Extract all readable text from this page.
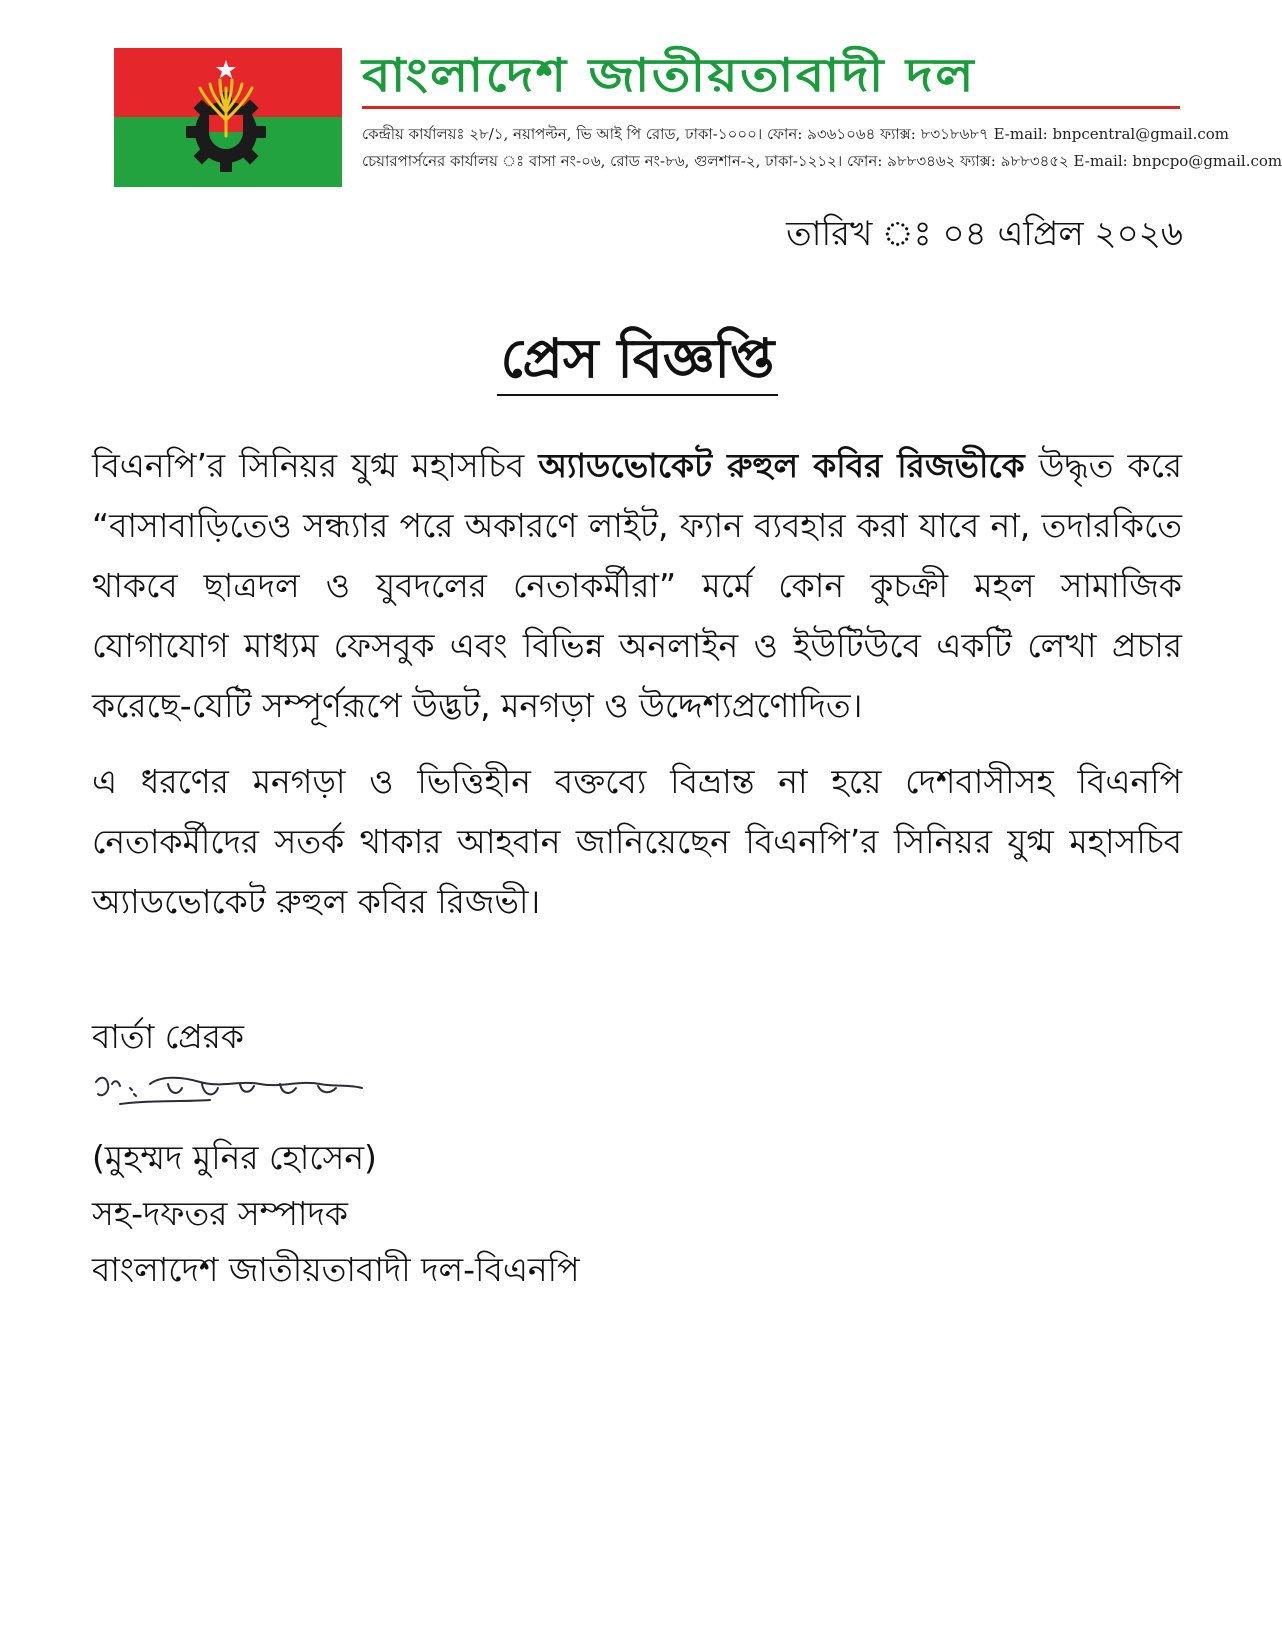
বাংলাদেশ জাতীয়তাবাদী দল
কেন্দ্রীয় কার্যালয়ঃ ২৮/১, নয়াপল্টন, ভি আই পি রোড, ঢাকা-১০০০। ফোন: ৯৩৬১০৬৪ ফ্যাক্স: ৮৩১৮৬৮৭ E-mail: bnpcentral@gmail.com
চেয়ারপার্সনের কার্যালয় ঃ বাসা নং-০৬, রোড নং-৮৬, গুলশান-২, ঢাকা-১২১২। ফোন: ৯৮৮৩৪৬২ ফ্যাক্স: ৯৮৮৩৪৫২ E-mail: bnpcpo@gmail.com
তারিখ ঃ ০৪ এপ্রিল ২০২৬
প্রেস বিজ্ঞপ্তি

বিএনপি’র সিনিয়র যুগ্ম মহাসচিব অ্যাডভোকেট রুহুল কবির রিজভীকে উদ্ধৃত করে “বাসাবাড়িতেও সন্ধ্যার পরে অকারণে লাইট, ফ্যান ব্যবহার করা যাবে না, তদারকিতে থাকবে ছাত্রদল ও যুবদলের নেতাকর্মীরা” মর্মে কোন কুচক্রী মহল সামাজিক যোগাযোগ মাধ্যম ফেসবুক এবং বিভিন্ন অনলাইন ও ইউটিউবে একটি লেখা প্রচার করেছে-যেটি সম্পূর্ণরূপে উদ্ভট, মনগড়া ও উদ্দেশ্যপ্রণোদিত।

এ ধরণের মনগড়া ও ভিত্তিহীন বক্তব্যে বিভ্রান্ত না হয়ে দেশবাসীসহ বিএনপি নেতাকর্মীদের সতর্ক থাকার আহবান জানিয়েছেন বিএনপি’র সিনিয়র যুগ্ম মহাসচিব অ্যাডভোকেট রুহুল কবির রিজভী।

বার্তা প্রেরক
(মুহম্মদ মুনির হোসেন)
সহ-দফতর সম্পাদক
বাংলাদেশ জাতীয়তাবাদী দল-বিএনপি
